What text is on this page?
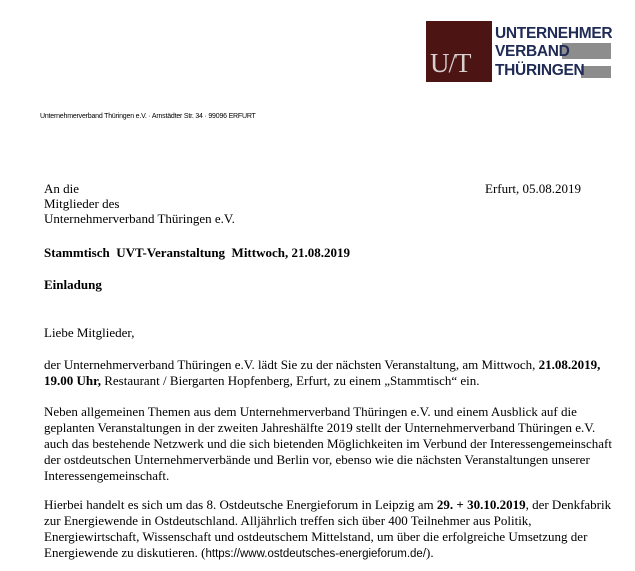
U/T
UNTERNEHMER
VERBAND
THÜRINGEN
Unternehmerverband Thüringen e.V. · Arnstädter Str. 34 · 99096 ERFURT
An die
Mitglieder des
Unternehmerverband Thüringen e.V.
Erfurt, 05.08.2019
Stammtisch  UVT-Veranstaltung  Mittwoch, 21.08.2019
Einladung
Liebe Mitglieder,
der Unternehmerverband Thüringen e.V. lädt Sie zu der nächsten Veranstaltung, am Mittwoch, 21.08.2019, 19.00 Uhr, Restaurant / Biergarten Hopfenberg, Erfurt, zu einem „Stammtisch“ ein.
Neben allgemeinen Themen aus dem Unternehmerverband Thüringen e.V. und einem Ausblick auf die geplanten Veranstaltungen in der zweiten Jahreshälfte 2019 stellt der Unternehmerverband Thüringen e.V. auch das bestehende Netzwerk und die sich bietenden Möglichkeiten im Verbund der Interessengemeinschaft der ostdeutschen Unternehmerverbände und Berlin vor, ebenso wie die nächsten Veranstaltungen unserer Interessengemeinschaft.
Hierbei handelt es sich um das 8. Ostdeutsche Energieforum in Leipzig am 29. + 30.10.2019, der Denkfabrik zur Energiewende in Ostdeutschland. Alljährlich treffen sich über 400 Teilnehmer aus Politik, Energiewirtschaft, Wissenschaft und ostdeutschem Mittelstand, um über die erfolgreiche Umsetzung der Energiewende zu diskutieren. (https://www.ostdeutsches-energieforum.de/).
